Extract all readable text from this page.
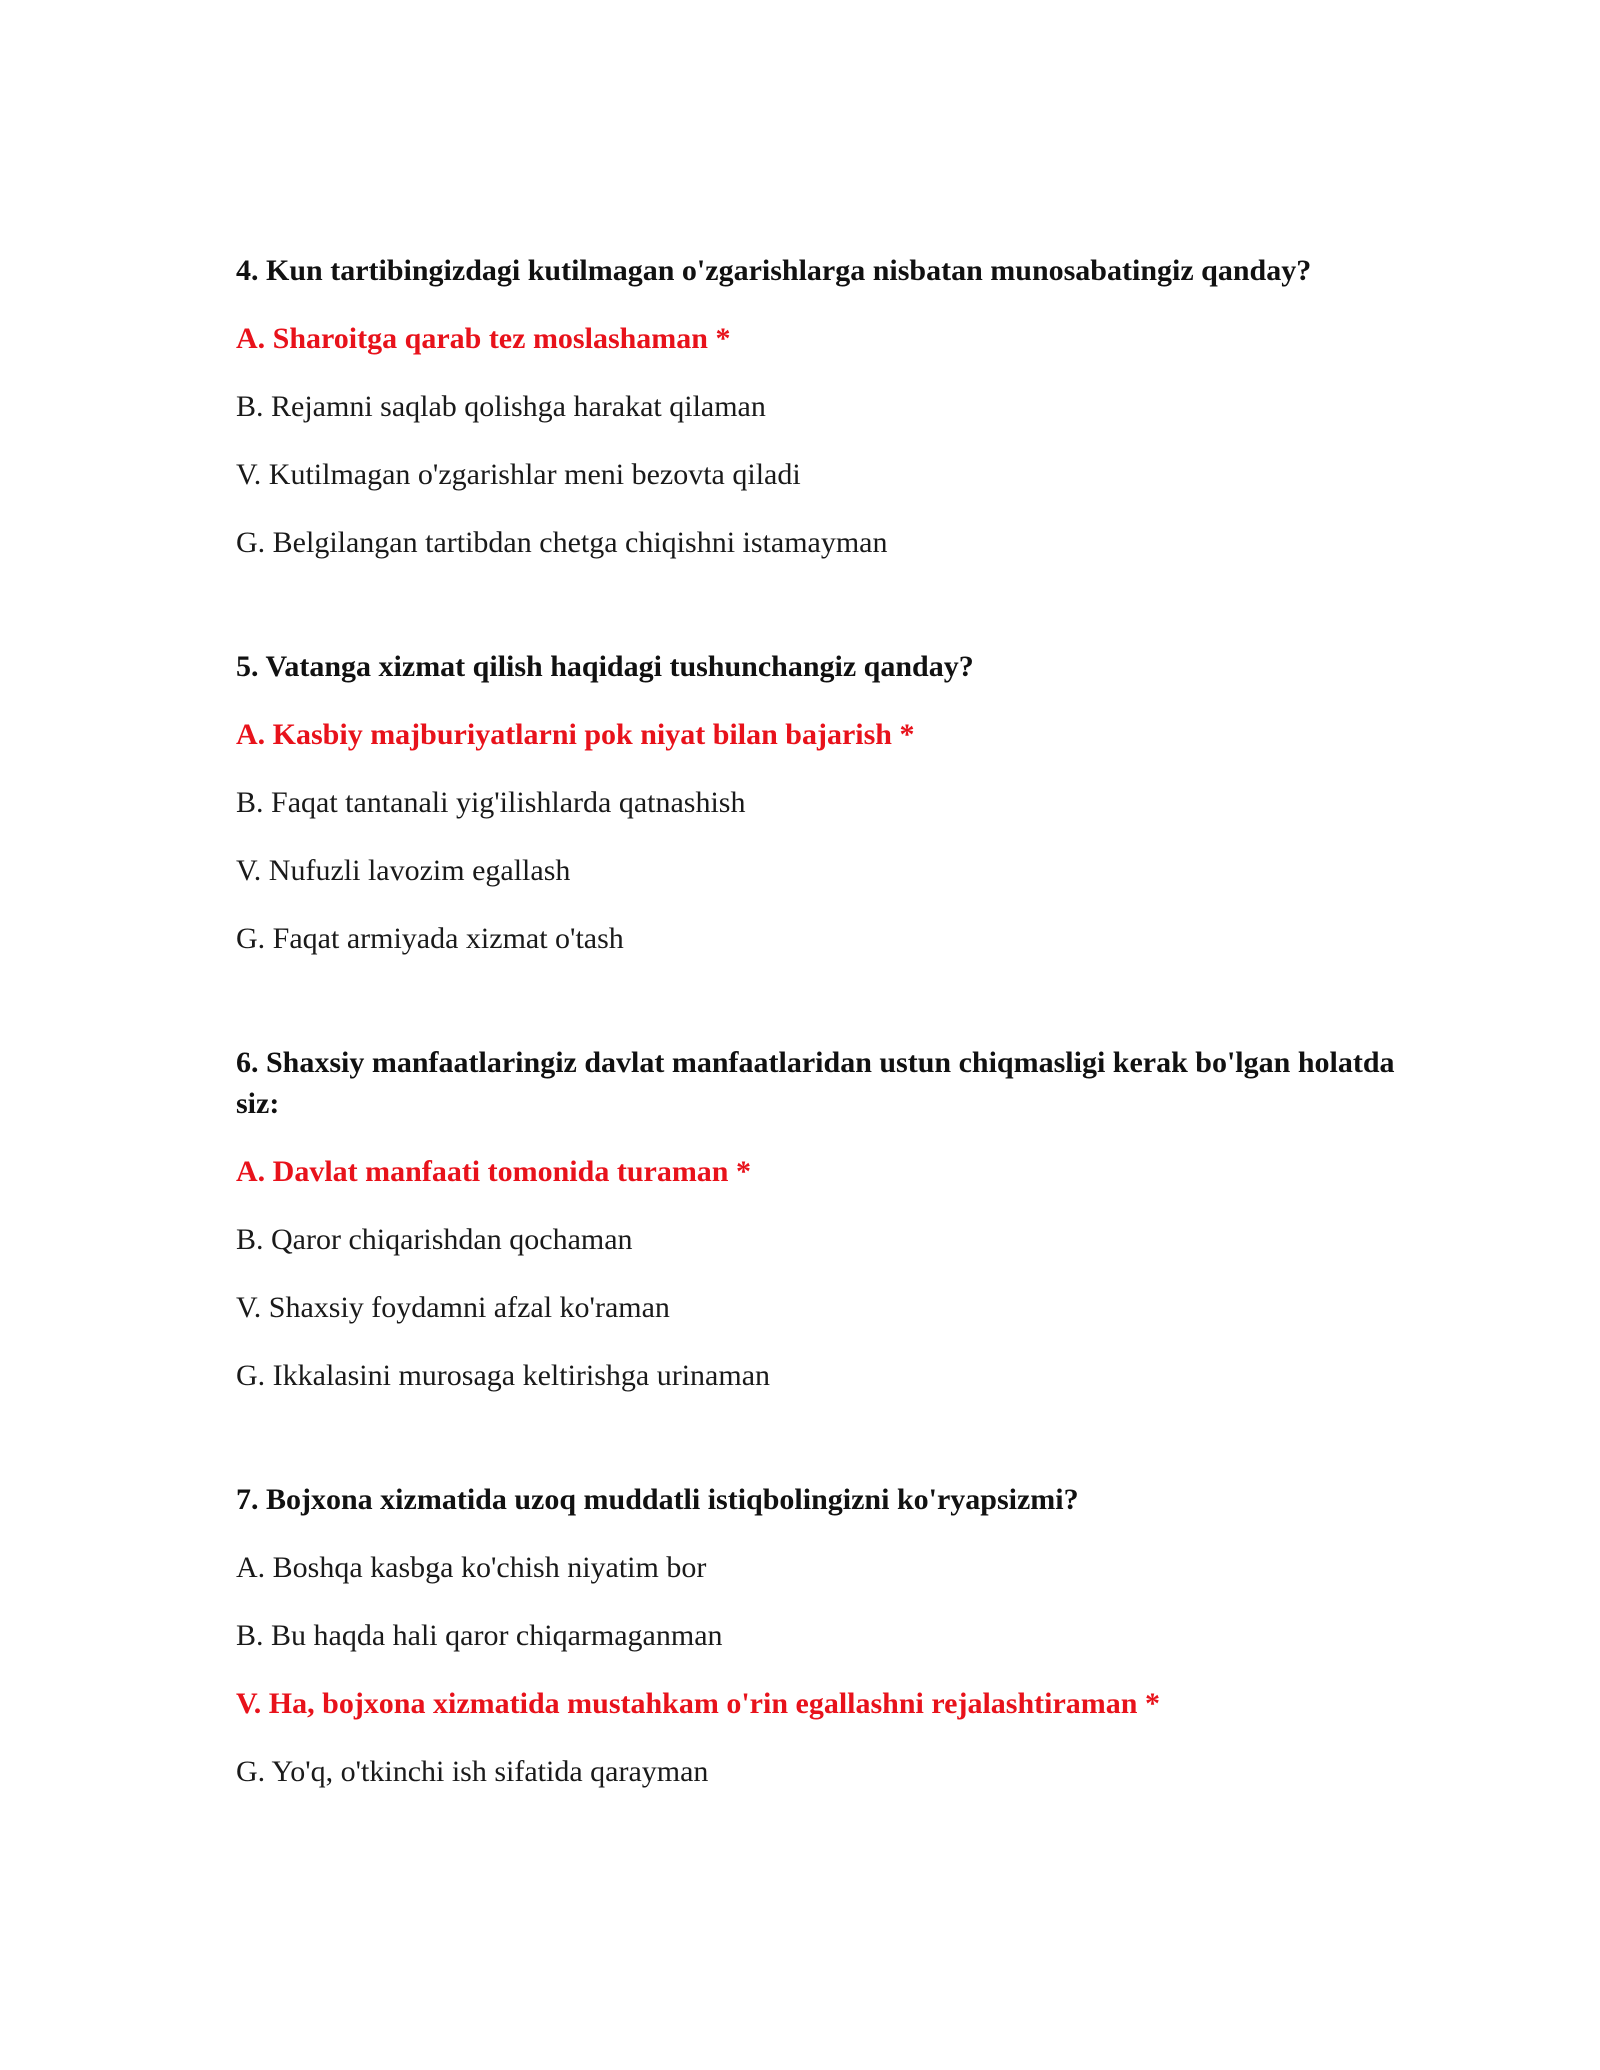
4. Kun tartibingizdagi kutilmagan o'zgarishlarga nisbatan munosabatingiz qanday?
A. Sharoitga qarab tez moslashaman *
B. Rejamni saqlab qolishga harakat qilaman
V. Kutilmagan o'zgarishlar meni bezovta qiladi
G. Belgilangan tartibdan chetga chiqishni istamayman
5. Vatanga xizmat qilish haqidagi tushunchangiz qanday?
A. Kasbiy majburiyatlarni pok niyat bilan bajarish *
B. Faqat tantanali yig'ilishlarda qatnashish
V. Nufuzli lavozim egallash
G. Faqat armiyada xizmat o'tash
6. Shaxsiy manfaatlaringiz davlat manfaatlaridan ustun chiqmasligi kerak bo'lgan holatda siz:
A. Davlat manfaati tomonida turaman *
B. Qaror chiqarishdan qochaman
V. Shaxsiy foydamni afzal ko'raman
G. Ikkalasini murosaga keltirishga urinaman
7. Bojxona xizmatida uzoq muddatli istiqbolingizni ko'ryapsizmi?
A. Boshqa kasbga ko'chish niyatim bor
B. Bu haqda hali qaror chiqarmaganman
V. Ha, bojxona xizmatida mustahkam o'rin egallashni rejalashtiraman *
G. Yo'q, o'tkinchi ish sifatida qarayman
